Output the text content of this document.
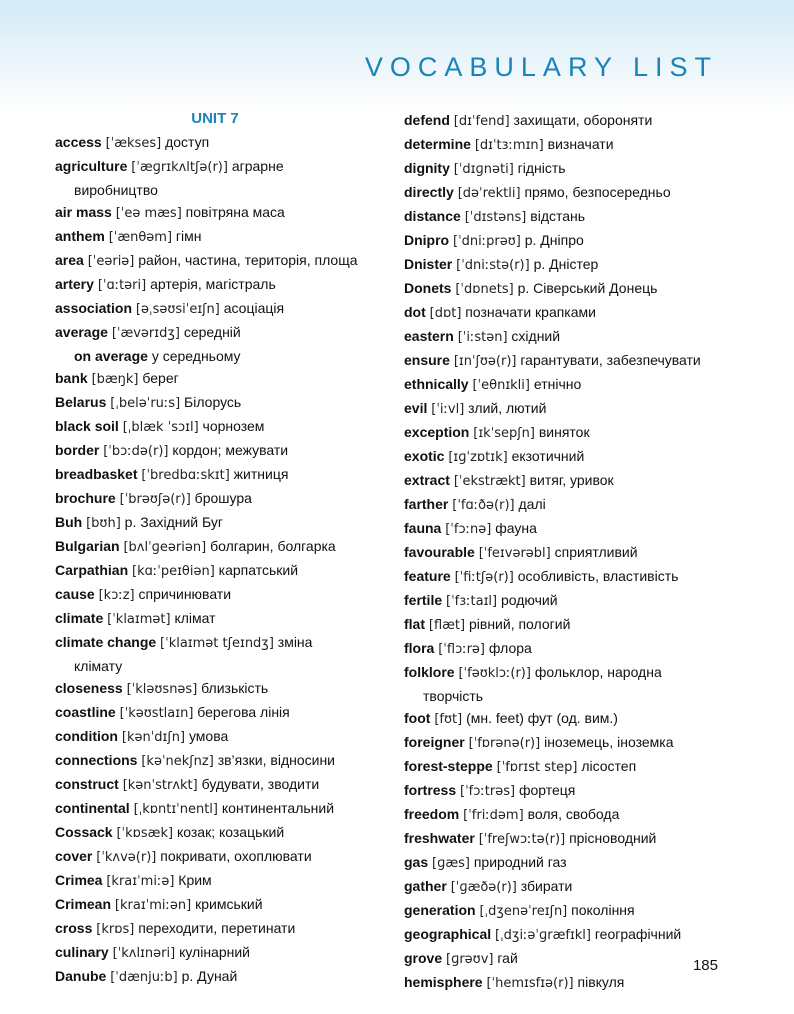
VOCABULARY LIST
UNIT 7

access [ˈækses] доступ

agriculture [ˈæɡrɪkʌltʃə(r)] аграрне

виробництво

air mass [ˈeə mæs] повітряна маса

anthem [ˈænθəm] гімн

area [ˈeəriə] район, частина, територія, площа

artery [ˈɑːtəri] артерія, магістраль

association [əˌsəʊsiˈeɪʃn] асоціація

average [ˈævərɪdʒ] середній

on average у середньому

bank [bæŋk] берег

Belarus [ˌbeləˈruːs] Білорусь

black soil [ˌblæk ˈsɔɪl] чорнозем

border [ˈbɔːdə(r)] кордон; межувати

breadbasket [ˈbredbɑːskɪt] житниця

brochure [ˈbrəʊʃə(r)] брошура

Buh [bʊh] р. Західний Буг

Bulgarian [bʌlˈɡeəriən] болгарин, болгарка

Carpathian [kɑːˈpeɪθiən] карпатський

cause [kɔːz] спричинювати

climate [ˈklaɪmət] клімат

climate change [ˈklaɪmət tʃeɪndʒ] зміна

клімату

closeness [ˈkləʊsnəs] близькість

coastline [ˈkəʊstlaɪn] берегова лінія

condition [kənˈdɪʃn] умова

connections [kəˈnekʃnz] зв’язки, відносини

construct [kənˈstrʌkt] будувати, зводити

continental [ˌkɒntɪˈnentl] континентальний

Cossack [ˈkɒsæk] козак; козацький

cover [ˈkʌvə(r)] покривати, охоплювати

Crimea [kraɪˈmiːə] Крим

Crimean [kraɪˈmiːən] кримський

cross [krɒs] переходити, перетинати

culinary [ˈkʌlɪnəri] кулінарний

Danube [ˈdænjuːb] р. Дунай

defend [dɪˈfend] захищати, обороняти

determine [dɪˈtɜːmɪn] визначати

dignity [ˈdɪɡnəti] гідність

directly [dəˈrektli] прямо, безпосередньо

distance [ˈdɪstəns] відстань

Dnipro [ˈdniːprəʊ] р. Дніпро

Dnister [ˈdniːstə(r)] р. Дністер

Donets [ˈdɒnets] р. Сіверський Донець

dot [dɒt] позначати крапками

eastern [ˈiːstən] східний

ensure [ɪnˈʃʊə(r)] гарантувати, забезпечувати

ethnically [ˈeθnɪkli] етнічно

evil [ˈiːvl] злий, лютий

exception [ɪkˈsepʃn] виняток

exotic [ɪɡˈzɒtɪk] екзотичний

extract [ˈekstrækt] витяг, уривок

farther [ˈfɑːðə(r)] далі

fauna [ˈfɔːnə] фауна

favourable [ˈfeɪvərəbl] сприятливий

feature [ˈfiːtʃə(r)] особливість, властивість

fertile [ˈfɜːtaɪl] родючий

flat [flæt] рівний, пологий

flora [ˈflɔːrə] флора

folklore [ˈfəʊklɔː(r)] фольклор, народна

творчість

foot [fʊt] (мн. feet) фут (од. вим.)

foreigner [ˈfɒrənə(r)] іноземець, іноземка

forest-steppe [ˈfɒrɪst step] лісостеп

fortress [ˈfɔːtrəs] фортеця

freedom [ˈfriːdəm] воля, свобода

freshwater [ˈfreʃwɔːtə(r)] прісноводний

gas [ɡæs] природний газ

gather [ˈɡæðə(r)] збирати

generation [ˌdʒenəˈreɪʃn] покоління

geographical [ˌdʒiːəˈɡræfɪkl] географічний

grove [ɡrəʊv] гай

hemisphere [ˈhemɪsfɪə(r)] півкуля

185
